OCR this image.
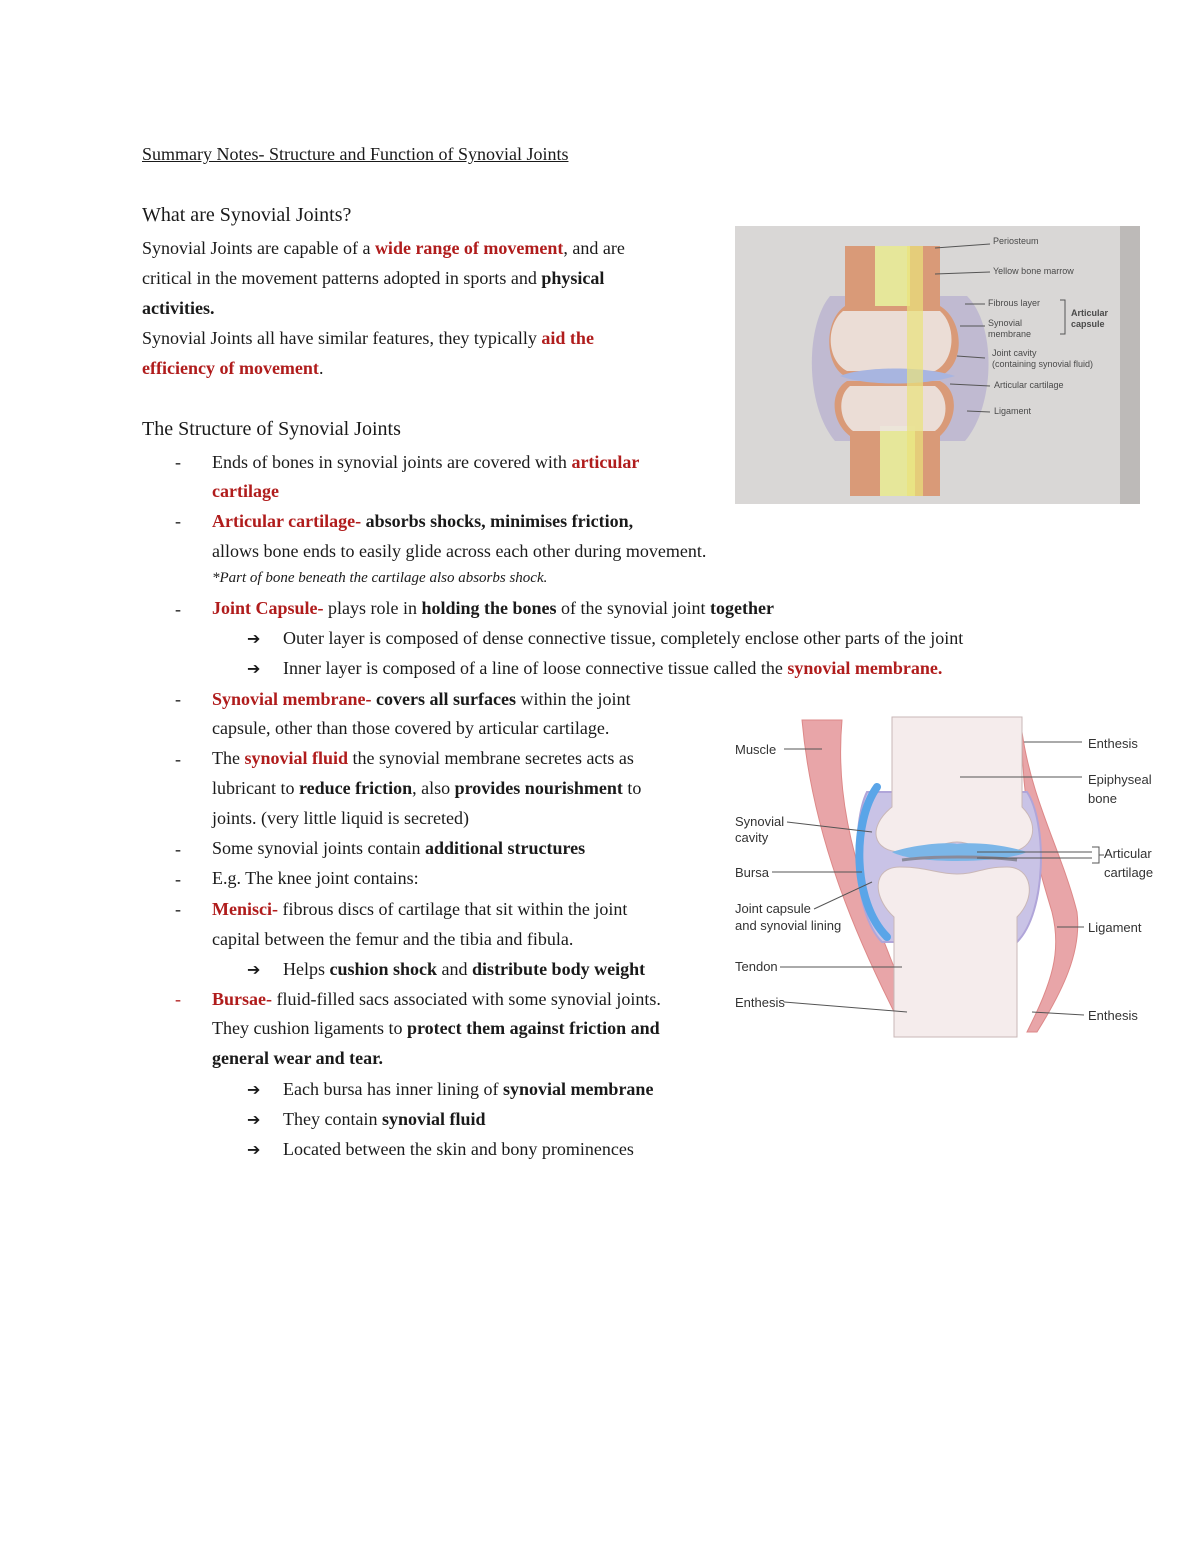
Summary Notes- Structure and Function of Synovial Joints
What are Synovial Joints?
Synovial Joints are capable of a wide range of movement, and are
critical in the movement patterns adopted in sports and physical
activities.
Synovial Joints all have similar features, they typically aid the
efficiency of movement.
The Structure of Synovial Joints
- Ends of bones in synovial joints are covered with articular
cartilage
- Articular cartilage- absorbs shocks, minimises friction,
allows bone ends to easily glide across each other during movement.
*Part of bone beneath the cartilage also absorbs shock.
- Joint Capsule- plays role in holding the bones of the synovial joint together
➔ Outer layer is composed of dense connective tissue, completely enclose other parts of the joint
➔ Inner layer is composed of a line of loose connective tissue called the synovial membrane.
- Synovial membrane- covers all surfaces within the joint
capsule, other than those covered by articular cartilage.
- The synovial fluid the synovial membrane secretes acts as
lubricant to reduce friction, also provides nourishment to
joints. (very little liquid is secreted)
- Some synovial joints contain additional structures
- E.g. The knee joint contains:
- Menisci- fibrous discs of cartilage that sit within the joint
capital between the femur and the tibia and fibula.
➔ Helps cushion shock and distribute body weight
- Bursae- fluid-filled sacs associated with some synovial joints.
They cushion ligaments to protect them against friction and
general wear and tear.
➔ Each bursa has inner lining of synovial membrane
➔ They contain synovial fluid
➔ Located between the skin and bony prominences
Periosteum
Yellow bone marrow
Fibrous layer
Synovial
membrane
Articular
capsule
Joint cavity
(containing synovial fluid)
Articular cartilage
Ligament
Muscle
Synovial
cavity
Bursa
Joint capsule
and synovial lining
Tendon
Enthesis
Enthesis
Epiphyseal
bone
Articular
cartilage
Ligament
Enthesis
